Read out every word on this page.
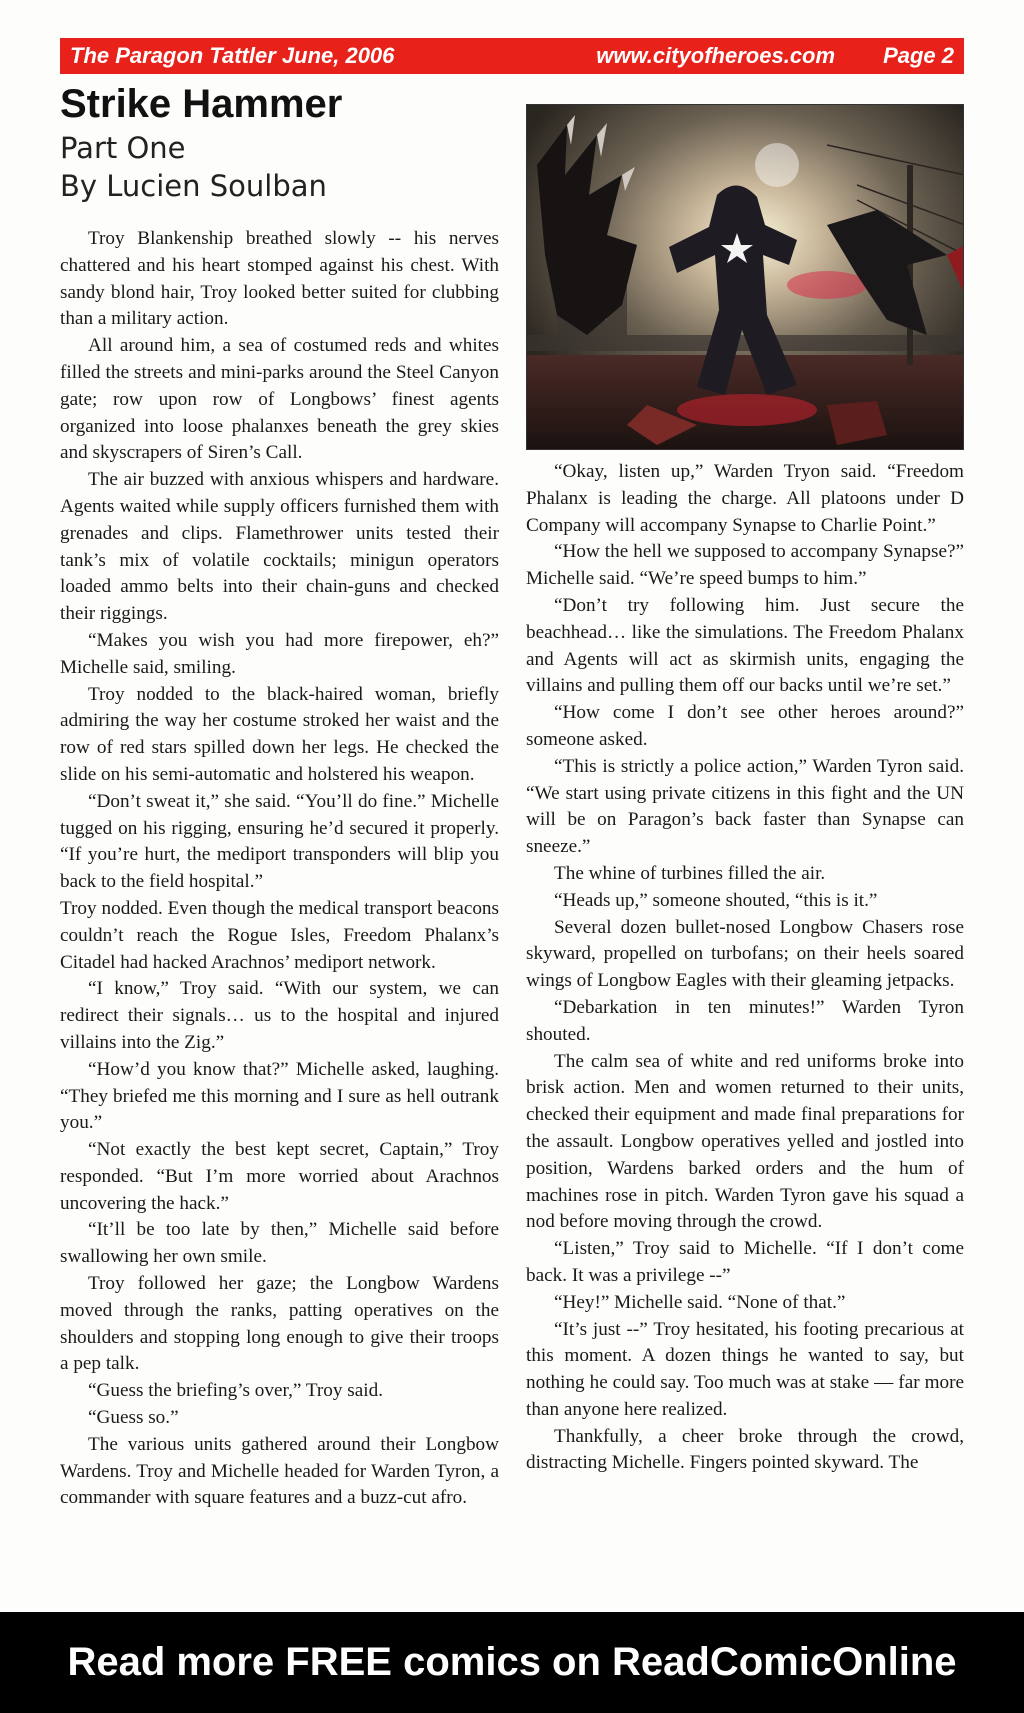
The Paragon Tattler June, 2006	www.cityofheroes.com Page 2
Strike Hammer
Part One
By Lucien Soulban

Troy Blankenship breathed slowly -- his nerves chattered and his heart stomped against his chest. With sandy blond hair, Troy looked better suited for clubbing than a military action.

All around him, a sea of costumed reds and whites filled the streets and mini-parks around the Steel Canyon gate; row upon row of Longbows’ finest agents organized into loose phalanxes beneath the grey skies and skyscrapers of Siren’s Call.

The air buzzed with anxious whispers and hardware. Agents waited while supply officers furnished them with grenades and clips. Flamethrower units tested their tank’s mix of volatile cocktails; minigun operators loaded ammo belts into their chain-guns and checked their riggings.

“Makes you wish you had more firepower, eh?” Michelle said, smiling.

Troy nodded to the black-haired woman, briefly admiring the way her costume stroked her waist and the row of red stars spilled down her legs. He checked the slide on his semi-automatic and holstered his weapon.

“Don’t sweat it,” she said. “You’ll do fine.” Michelle tugged on his rigging, ensuring he’d secured it properly. “If you’re hurt, the mediport transponders will blip you back to the field hospital.”

Troy nodded. Even though the medical transport beacons couldn’t reach the Rogue Isles, Freedom Phalanx’s Citadel had hacked Arachnos’ mediport network.

“I know,” Troy said. “With our system, we can redirect their signals… us to the hospital and injured villains into the Zig.”

“How’d you know that?” Michelle asked, laughing. “They briefed me this morning and I sure as hell outrank you.”

“Not exactly the best kept secret, Captain,” Troy responded. “But I’m more worried about Arachnos uncovering the hack.”

“It’ll be too late by then,” Michelle said before swallowing her own smile.

Troy followed her gaze; the Longbow Wardens moved through the ranks, patting operatives on the shoulders and stopping long enough to give their troops a pep talk.

“Guess the briefing’s over,” Troy said.

“Guess so.”

The various units gathered around their Longbow Wardens. Troy and Michelle headed for Warden Tyron, a commander with square features and a buzz-cut afro.

“Okay, listen up,” Warden Tryon said. “Freedom Phalanx is leading the charge. All platoons under D Company will accompany Synapse to Charlie Point.”

“How the hell we supposed to accompany Synapse?” Michelle said. “We’re speed bumps to him.”

“Don’t try following him. Just secure the beachhead… like the simulations. The Freedom Phalanx and Agents will act as skirmish units, engaging the villains and pulling them off our backs until we’re set.”

“How come I don’t see other heroes around?” someone asked.

“This is strictly a police action,” Warden Tyron said. “We start using private citizens in this fight and the UN will be on Paragon’s back faster than Synapse can sneeze.”

The whine of turbines filled the air.

“Heads up,” someone shouted, “this is it.”

Several dozen bullet-nosed Longbow Chasers rose skyward, propelled on turbofans; on their heels soared wings of Longbow Eagles with their gleaming jetpacks.

“Debarkation in ten minutes!” Warden Tyron shouted.

The calm sea of white and red uniforms broke into brisk action. Men and women returned to their units, checked their equipment and made final preparations for the assault. Longbow operatives yelled and jostled into position, Wardens barked orders and the hum of machines rose in pitch. Warden Tyron gave his squad a nod before moving through the crowd.

“Listen,” Troy said to Michelle. “If I don’t come back. It was a privilege --”

“Hey!” Michelle said. “None of that.”

“It’s just --” Troy hesitated, his footing precarious at this moment. A dozen things he wanted to say, but nothing he could say. Too much was at stake — far more than anyone here realized.

Thankfully, a cheer broke through the crowd, distracting Michelle. Fingers pointed skyward. The

Read more FREE comics on ReadComicOnline
